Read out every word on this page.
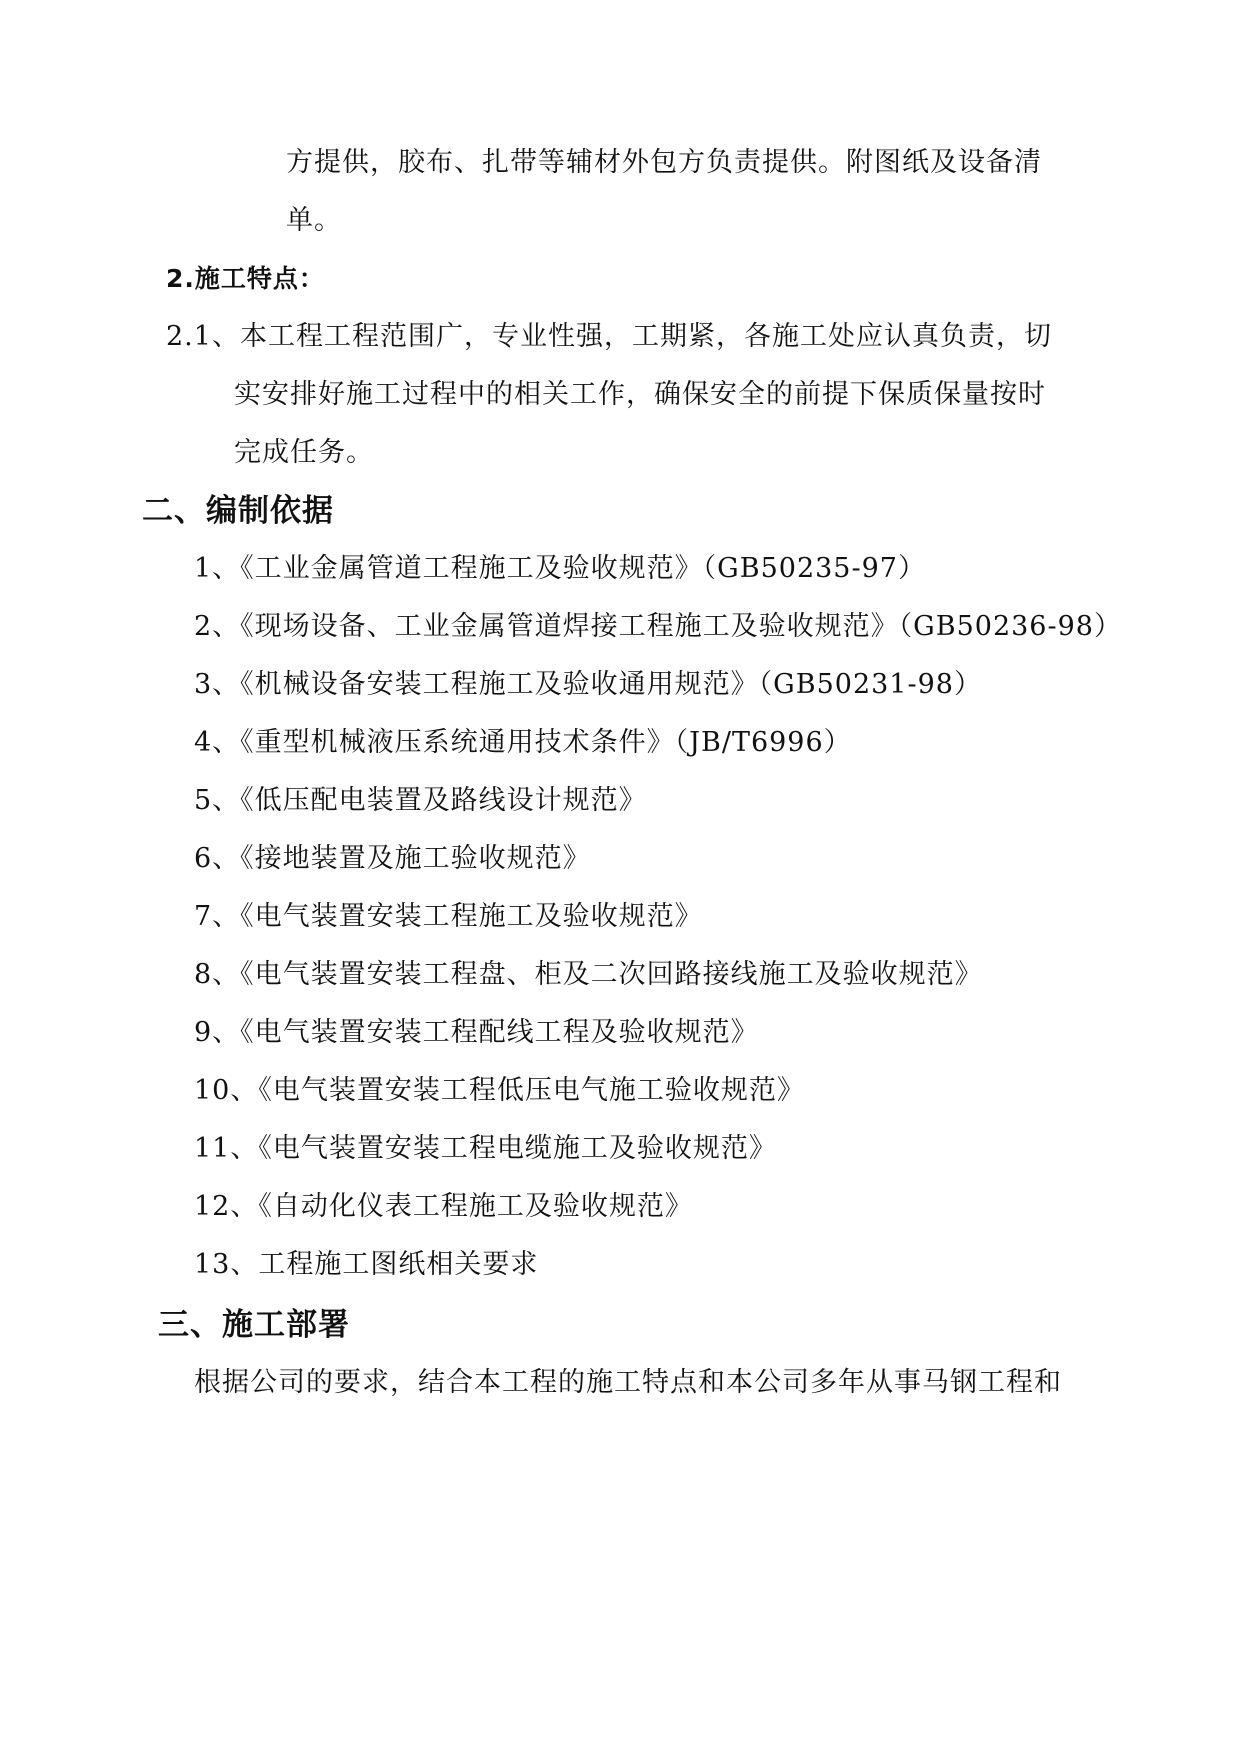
方提供，胶布、扎带等辅材外包方负责提供。附图纸及设备清
单。
2.施工特点：
2.1、本工程工程范围广，专业性强，工期紧，各施工处应认真负责，切
实安排好施工过程中的相关工作，确保安全的前提下保质保量按时
完成任务。
二、编制依据
1、《工业金属管道工程施工及验收规范》（GB50235-97）
2、《现场设备、工业金属管道焊接工程施工及验收规范》（GB50236-98）
3、《机械设备安装工程施工及验收通用规范》（GB50231-98）
4、《重型机械液压系统通用技术条件》（JB/T6996）
5、《低压配电装置及路线设计规范》
6、《接地装置及施工验收规范》
7、《电气装置安装工程施工及验收规范》
8、《电气装置安装工程盘、柜及二次回路接线施工及验收规范》
9、《电气装置安装工程配线工程及验收规范》
10、《电气装置安装工程低压电气施工验收规范》
11、《电气装置安装工程电缆施工及验收规范》
12、《自动化仪表工程施工及验收规范》
13、工程施工图纸相关要求
三、施工部署
根据公司的要求，结合本工程的施工特点和本公司多年从事马钢工程和
